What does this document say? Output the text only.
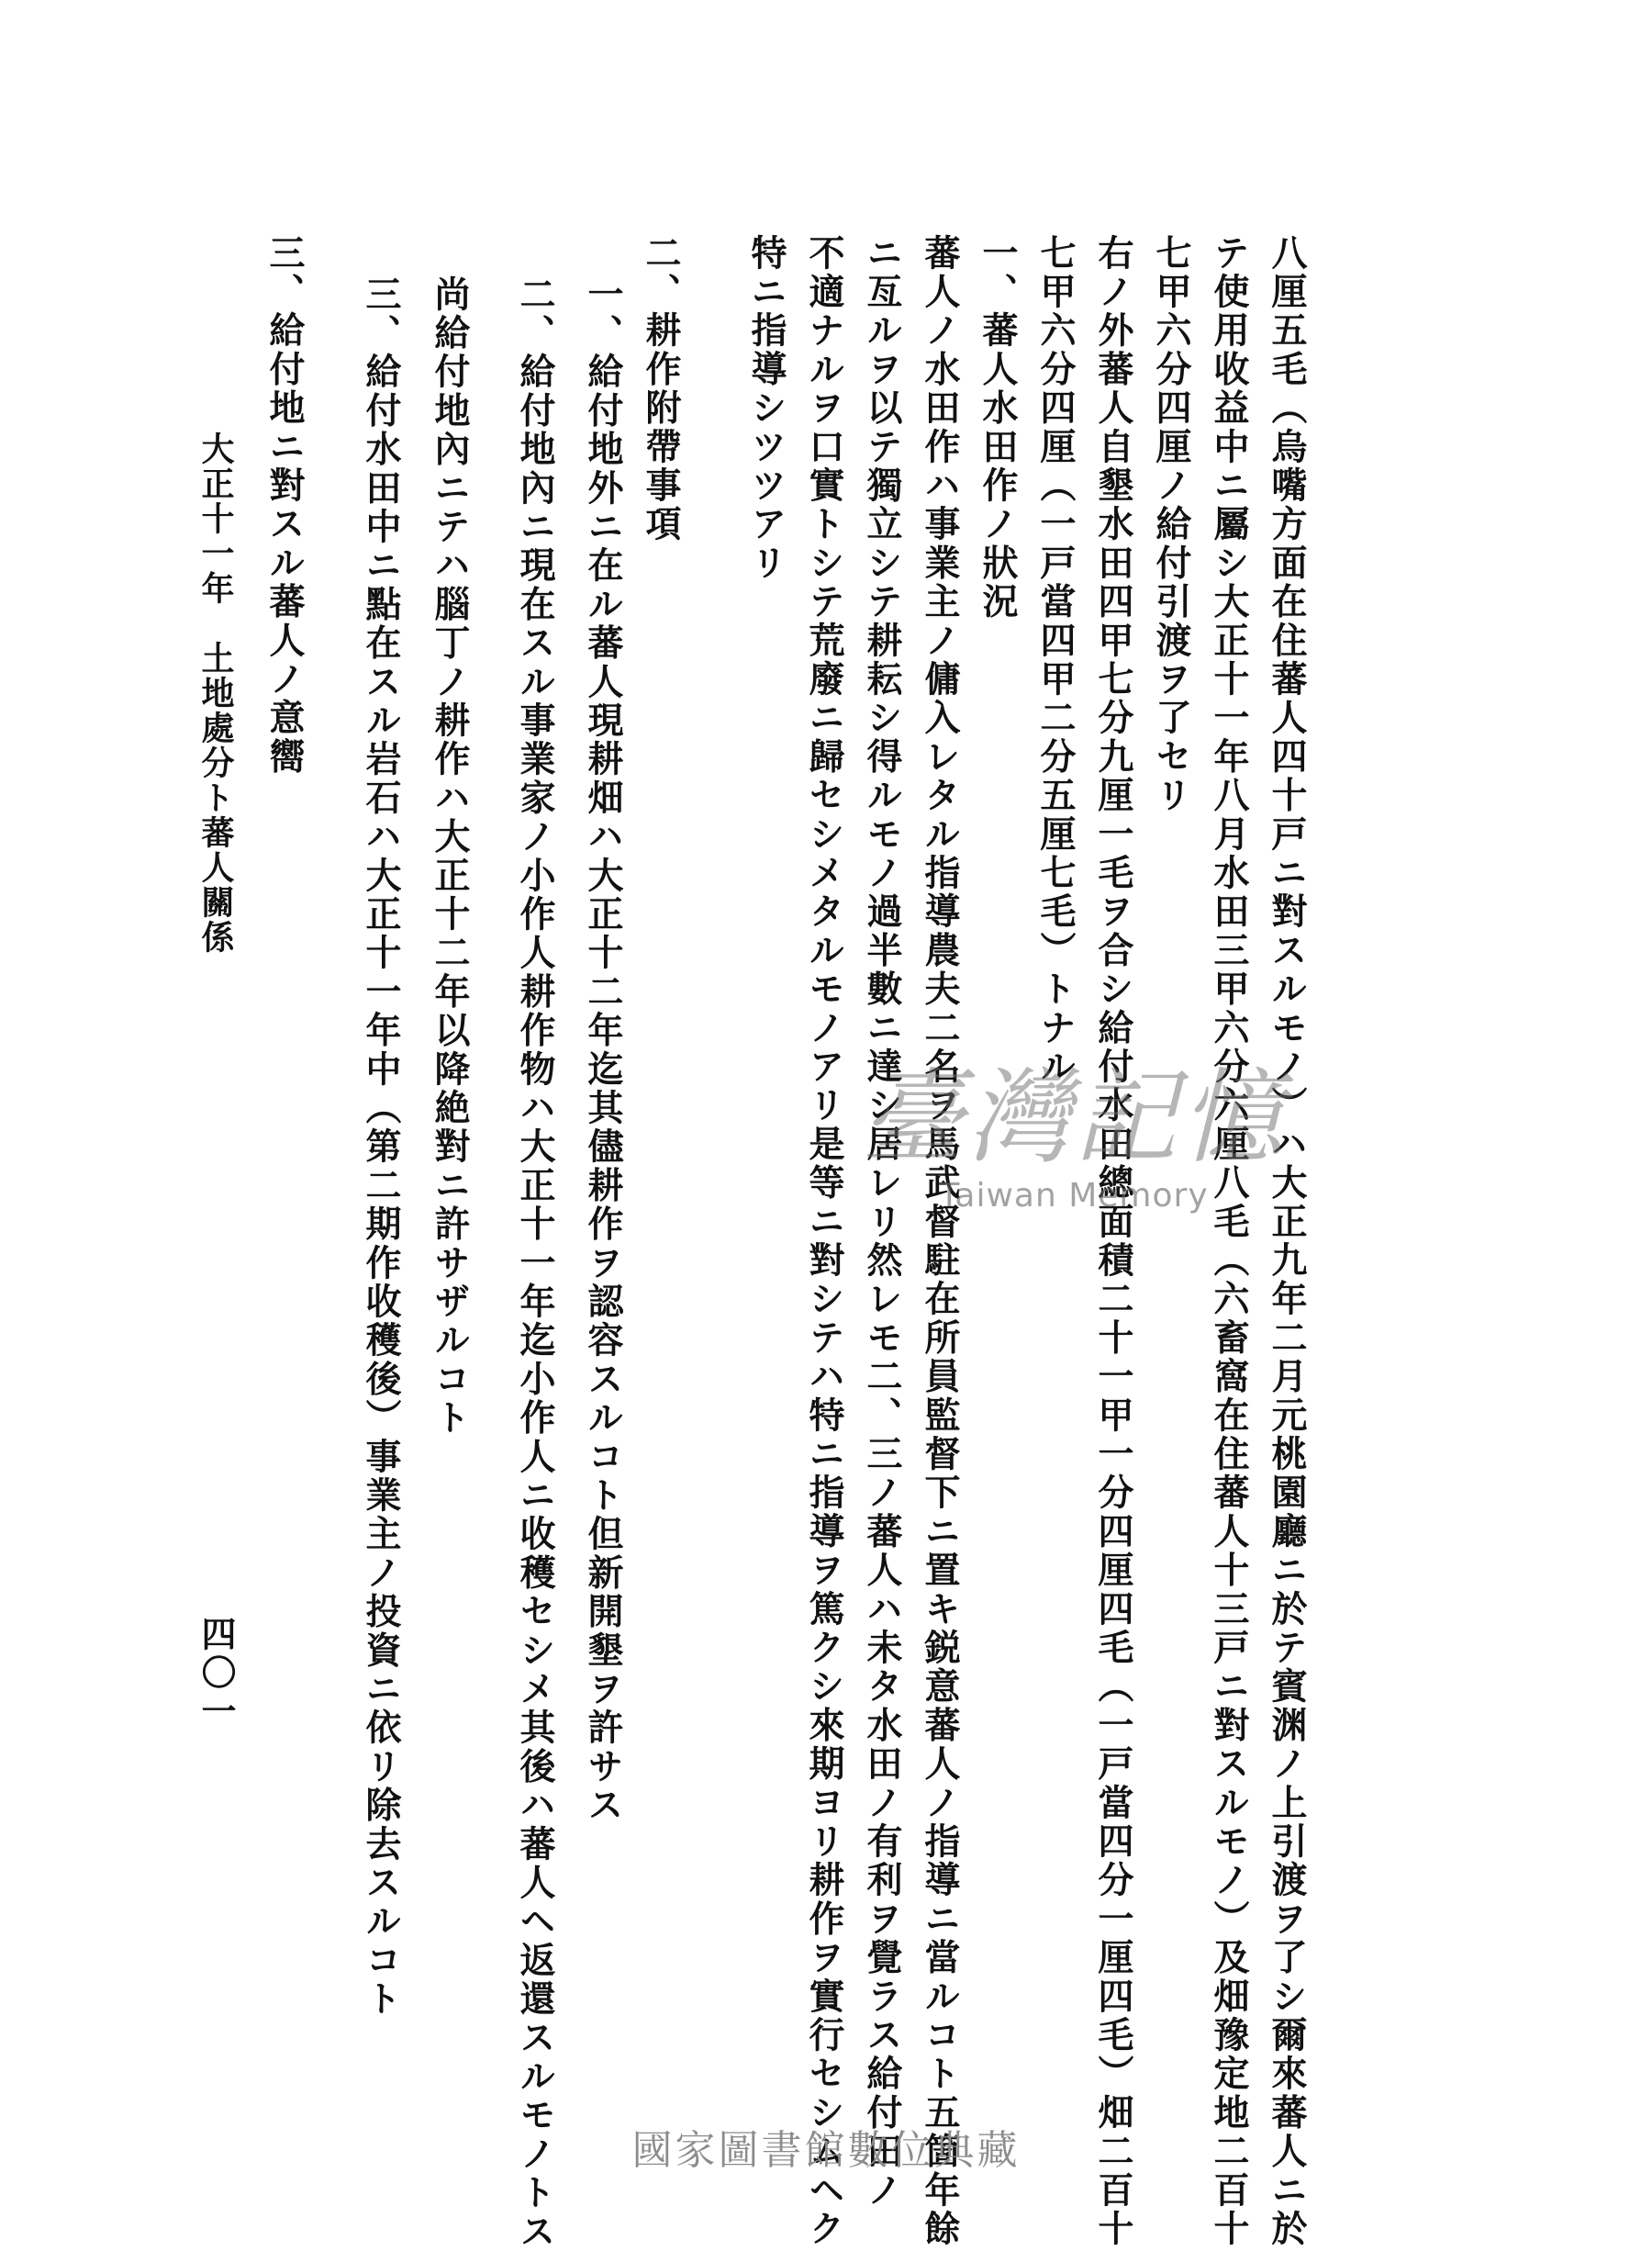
八厘五毛（烏嘴方面在住蕃人四十戸ニ對スルモノ）ハ大正九年二月元桃園廳ニ於テ賓渊ノ上引渡ヲ了シ爾來蕃人ニ於
テ使用收益中ニ屬シ大正十一年八月水田三甲六分六厘八毛（六畜窩在住蕃人十三戸ニ對スルモノ）及畑豫定地二百十
七甲六分四厘ノ給付引渡ヲ了セリ
右ノ外蕃人自墾水田四甲七分九厘一毛ヲ合シ給付水田總面積二十一甲一分四厘四毛（一戸當四分一厘四毛）畑二百十
七甲六分四厘（一戸當四甲二分五厘七毛）トナル
一、蕃人水田作ノ狀況
蕃人ノ水田作ハ事業主ノ傭入レタル指導農夫二名ヲ馬武督駐在所員監督下ニ置キ鋭意蕃人ノ指導ニ當ルコト五箇年餘
ニ亙ルヲ以テ獨立シテ耕耘シ得ルモノ過半數ニ達シ居レリ然レモ二、三ノ蕃人ハ未タ水田ノ有利ヲ覺ラス給付田ノ
不適ナルヲ口實トシテ荒廢ニ歸セシメタルモノアリ是等ニ對シテハ特ニ指導ヲ篤クシ來期ヨリ耕作ヲ實行セシムヘク
特ニ指導シツツアリ
二、耕作附帶事項
一、給付地外ニ在ル蕃人現耕畑ハ大正十二年迄其儘耕作ヲ認容スルコト但新開墾ヲ許サス
二、給付地內ニ現在スル事業家ノ小作人耕作物ハ大正十一年迄小作人ニ收穫セシメ其後ハ蕃人ヘ返還スルモノトス
尚給付地內ニテハ腦丁ノ耕作ハ大正十二年以降絶對ニ許サザルコト
三、給付水田中ニ點在スル岩石ハ大正十一年中（第二期作收穫後）事業主ノ投資ニ依リ除去スルコト
三、給付地ニ對スル蕃人ノ意嚮
大正十一年　土地處分ト蕃人關係
四〇一
臺灣記憶
Taiwan Memory
國家圖書館數位典藏
